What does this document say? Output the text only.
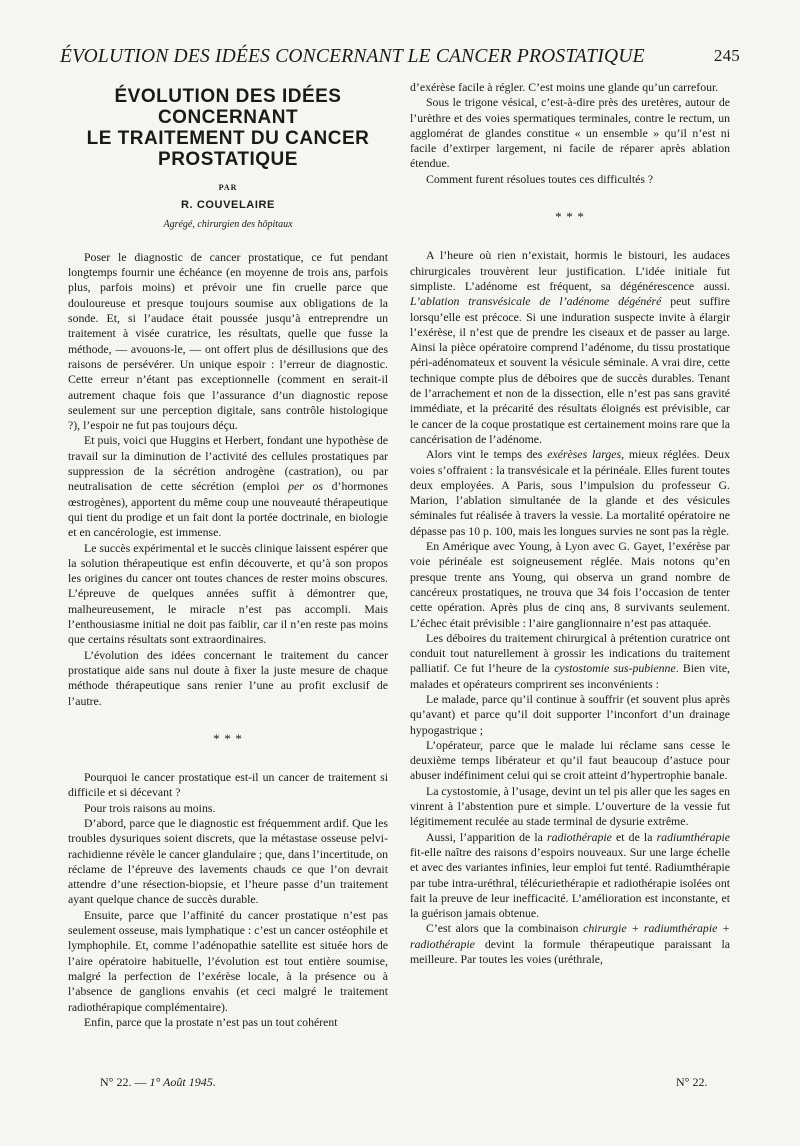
ÉVOLUTION DES IDÉES CONCERNANT LE CANCER PROSTATIQUE	245
ÉVOLUTION DES IDÉES
CONCERNANT
LE TRAITEMENT DU CANCER
PROSTATIQUE
PAR
R. COUVELAIRE
Agrégé, chirurgien des hôpitaux

Poser le diagnostic de cancer prostatique, ce fut pendant longtemps fournir une échéance (en moyenne de trois ans, parfois plus, parfois moins) et prévoir une fin cruelle parce que douloureuse et presque toujours soumise aux obligations de la sonde. Et, si l’audace était poussée jusqu’à entreprendre un traitement à visée curatrice, les résultats, quelle que fusse la méthode, — avouons-le, — ont offert plus de désillusions que des raisons de persévérer. Un unique espoir : l’erreur de diagnostic. Cette erreur n’étant pas exceptionnelle (comment en serait-il autrement chaque fois que l’assurance d’un diagnostic repose seulement sur une perception digitale, sans contrôle histologique ?), l’espoir ne fut pas toujours déçu.

Et puis, voici que Huggins et Herbert, fondant une hypothèse de travail sur la diminution de l’activité des cellules prostatiques par suppression de la sécrétion androgène (castration), ou par neutralisation de cette sécrétion (emploi per os d’hormones œstrogènes), apportent du même coup une nouveauté thérapeutique qui tient du prodige et un fait dont la portée doctrinale, en biologie et en cancérologie, est immense.

Le succès expérimental et le succès clinique laissent espérer que la solution thérapeutique est enfin découverte, et qu’à son propos les origines du cancer ont toutes chances de rester moins obscures. L’épreuve de quelques années suffit à démontrer que, malheureusement, le miracle n’est pas accompli. Mais l’enthousiasme initial ne doit pas faiblir, car il n’en reste pas moins que certains résultats sont extraordinaires.

L’évolution des idées concernant le traitement du cancer prostatique aide sans nul doute à fixer la juste mesure de chaque méthode thérapeutique sans renier l’une au profit exclusif de l’autre.

* * *

Pourquoi le cancer prostatique est-il un cancer de traitement si difficile et si décevant ?

Pour trois raisons au moins.

D’abord, parce que le diagnostic est fréquemment ardif. Que les troubles dysuriques soient discrets, que la métastase osseuse pelvi-rachidienne révèle le cancer glandulaire ; que, dans l’incertitude, on réclame de l’épreuve des lavements chauds ce que l’on devrait attendre d’une résection-biopsie, et l’heure passe d’un traitement ayant quelque chance de succès durable.

Ensuite, parce que l’affinité du cancer prostatique n’est pas seulement osseuse, mais lymphatique : c’est un cancer ostéophile et lymphophile. Et, comme l’adénopathie satellite est située hors de l’aire opératoire habituelle, l’évolution est tout entière soumise, malgré la perfection de l’exérèse locale, à la présence ou à l’absence de ganglions envahis (et ceci malgré le traitement radiothérapique complémentaire).

Enfin, parce que la prostate n’est pas un tout cohérent

d’exérèse facile à régler. C’est moins une glande qu’un carrefour.

Sous le trigone vésical, c’est-à-dire près des uretères, autour de l’urèthre et des voies spermatiques terminales, contre le rectum, un agglomérat de glandes constitue « un ensemble » qu’il n’est ni facile d’extirper largement, ni facile de réparer après ablation étendue.

Comment furent résolues toutes ces difficultés ?

* * *

A l’heure où rien n’existait, hormis le bistouri, les audaces chirurgicales trouvèrent leur justification. L’idée initiale fut simpliste. L’adénome est fréquent, sa dégénérescence aussi. L’ablation transvésicale de l’adénome dégénéré peut suffire lorsqu’elle est précoce. Si une induration suspecte invite à élargir l’exérèse, il n’est que de prendre les ciseaux et de passer au large. Ainsi la pièce opératoire comprend l’adénome, du tissu prostatique péri-adénomateux et souvent la vésicule séminale. A vrai dire, cette technique compte plus de déboires que de succès durables. Tenant de l’arrachement et non de la dissection, elle n’est pas sans gravité immédiate, et la précarité des résultats éloignés est prévisible, car le cancer de la coque prostatique est certainement moins rare que la cancérisation de l’adénome.

Alors vint le temps des exérèses larges, mieux réglées. Deux voies s’offraient : la transvésicale et la périnéale. Elles furent toutes deux employées. A Paris, sous l’impulsion du professeur G. Marion, l’ablation simultanée de la glande et des vésicules séminales fut réalisée à travers la vessie. La mortalité opératoire ne dépasse pas 10 p. 100, mais les longues survies ne sont pas la règle.

En Amérique avec Young, à Lyon avec G. Gayet, l’exérèse par voie périnéale est soigneusement réglée. Mais notons qu’en presque trente ans Young, qui observa un grand nombre de cancéreux prostatiques, ne trouva que 34 fois l’occasion de tenter cette opération. Après plus de cinq ans, 8 survivants seulement. L’échec était prévisible : l’aire ganglionnaire n’est pas attaquée.

Les déboires du traitement chirurgical à prétention curatrice ont conduit tout naturellement à grossir les indications du traitement palliatif. Ce fut l’heure de la cystostomie sus-pubienne. Bien vite, malades et opérateurs comprirent ses inconvénients :

Le malade, parce qu’il continue à souffrir (et souvent plus après qu’avant) et parce qu’il doit supporter l’inconfort d’un drainage hypogastrique ;

L’opérateur, parce que le malade lui réclame sans cesse le deuxième temps libérateur et qu’il faut beaucoup d’astuce pour abuser indéfiniment celui qui se croit atteint d’hypertrophie banale.

La cystostomie, à l’usage, devint un tel pis aller que les sages en vinrent à l’abstention pure et simple. L’ouverture de la vessie fut légitimement reculée au stade terminal de dysurie extrême.

Aussi, l’apparition de la radiothérapie et de la radiumthérapie fit-elle naître des raisons d’espoirs nouveaux. Sur une large échelle et avec des variantes infinies, leur emploi fut tenté. Radiumthérapie par tube intra-uréthral, télécuriethérapie et radiothérapie isolées ont fait la preuve de leur inefficacité. L’amélioration est inconstante, et la guérison jamais obtenue.

C’est alors que la combinaison chirurgie + radiumthérapie + radiothérapie devint la formule thérapeutique paraissant la meilleure. Par toutes les voies (uréthrale,

N° 22. — 1° Août 1945.	N° 22.
